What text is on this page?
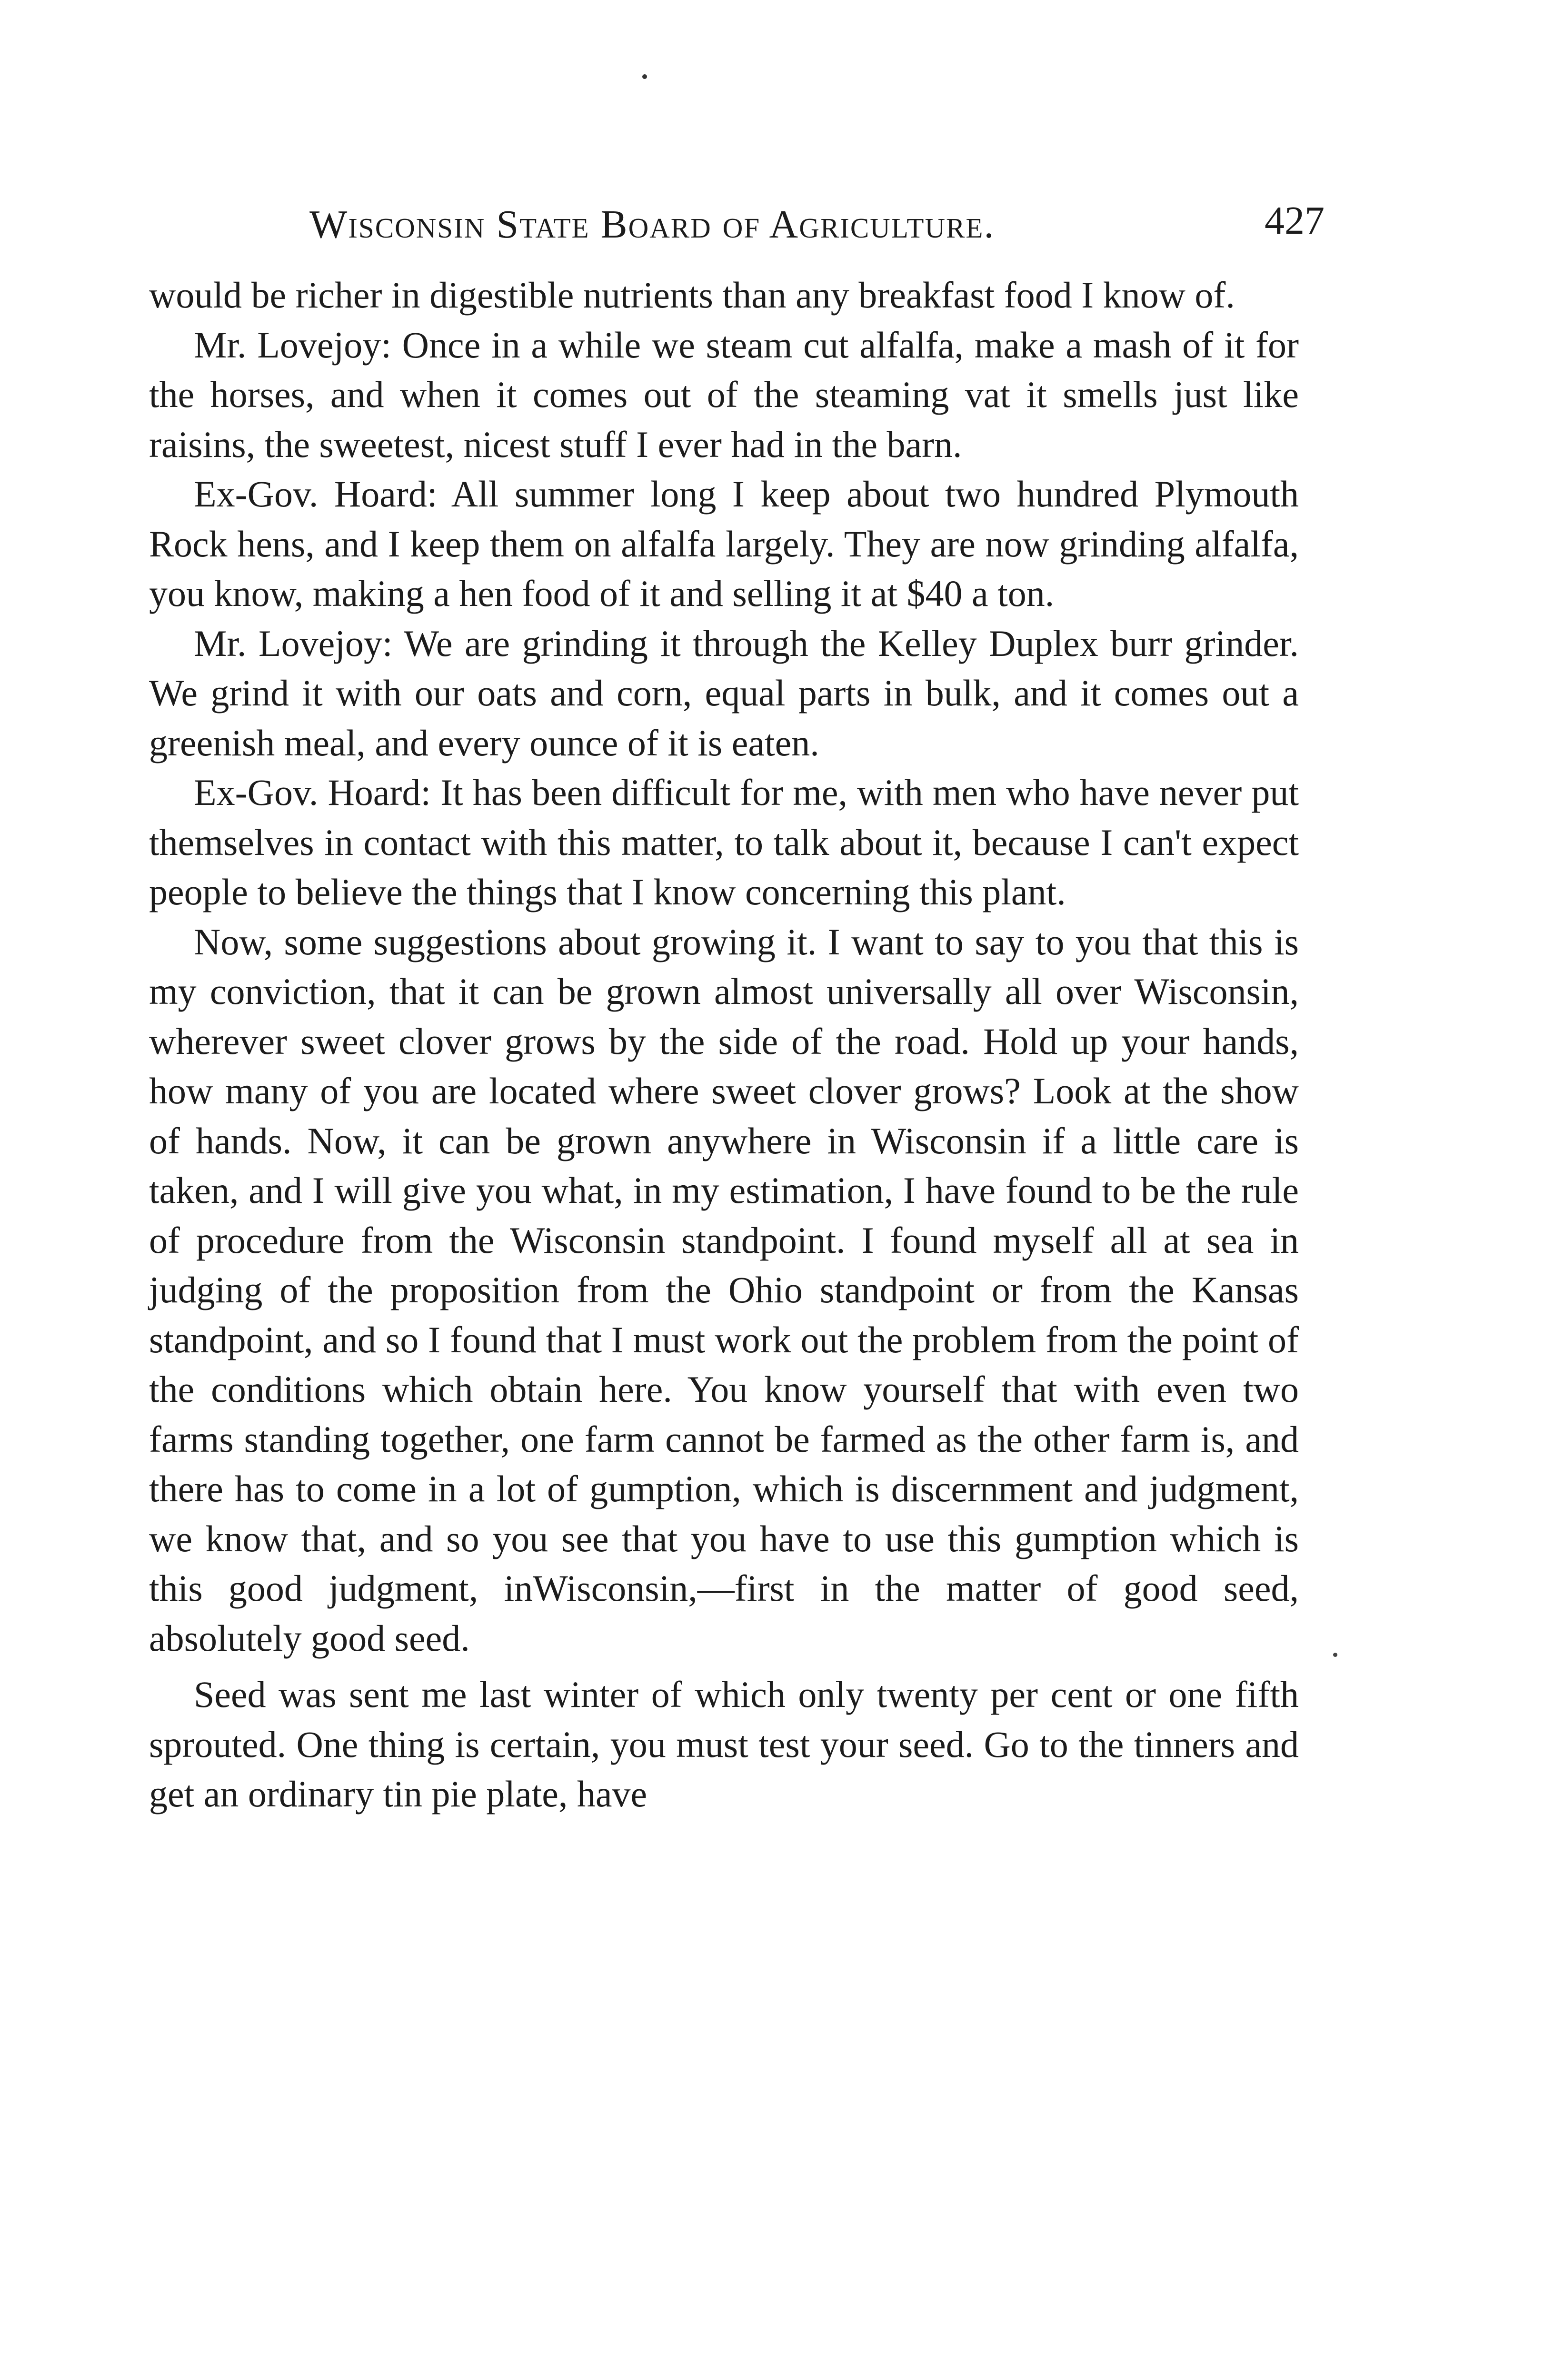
Wisconsin State Board of Agriculture.	427

would be richer in digestible nutrients than any breakfast food I know of.

Mr. Lovejoy: Once in a while we steam cut alfalfa, make a mash of it for the horses, and when it comes out of the steaming vat it smells just like raisins, the sweetest, nicest stuff I ever had in the barn.

Ex-Gov. Hoard: All summer long I keep about two hundred Plymouth Rock hens, and I keep them on alfalfa largely. They are now grinding alfalfa, you know, making a hen food of it and selling it at $40 a ton.

Mr. Lovejoy: We are grinding it through the Kelley Duplex burr grinder. We grind it with our oats and corn, equal parts in bulk, and it comes out a greenish meal, and every ounce of it is eaten.

Ex-Gov. Hoard: It has been difficult for me, with men who have never put themselves in contact with this matter, to talk about it, because I can't expect people to believe the things that I know concerning this plant.

Now, some suggestions about growing it. I want to say to you that this is my conviction, that it can be grown almost universally all over Wisconsin, wherever sweet clover grows by the side of the road. Hold up your hands, how many of you are located where sweet clover grows? Look at the show of hands. Now, it can be grown anywhere in Wisconsin if a little care is taken, and I will give you what, in my estimation, I have found to be the rule of procedure from the Wisconsin standpoint. I found myself all at sea in judging of the proposition from the Ohio standpoint or from the Kansas standpoint, and so I found that I must work out the problem from the point of the conditions which obtain here. You know yourself that with even two farms standing together, one farm cannot be farmed as the other farm is, and there has to come in a lot of gumption, which is discernment and judgment, we know that, and so you see that you have to use this gumption which is this good judgment, inWisconsin,—first in the matter of good seed, absolutely good seed.

Seed was sent me last winter of which only twenty per cent or one fifth sprouted. One thing is certain, you must test your seed. Go to the tinners and get an ordinary tin pie plate, have
